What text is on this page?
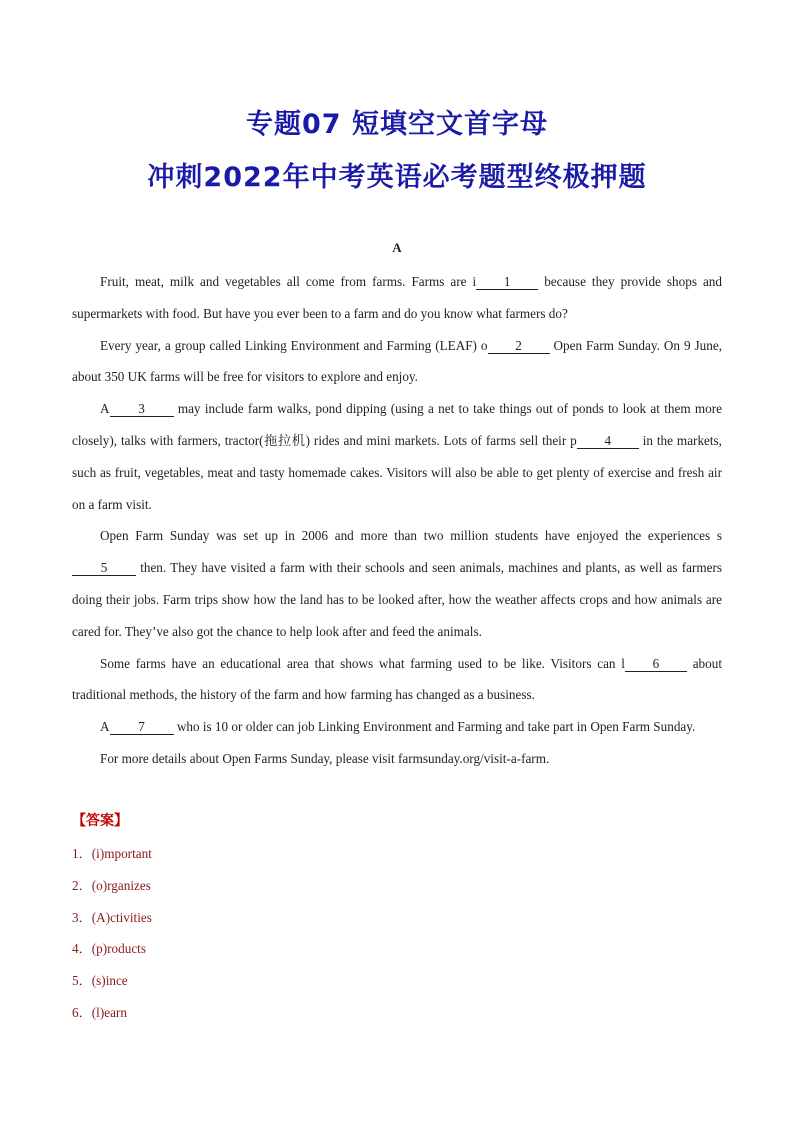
专题07 短填空文首字母
冲刺2022年中考英语必考题型终极押题
A

Fruit, meat, milk and vegetables all come from farms. Farms are i 1 because they provide shops and supermarkets with food. But have you ever been to a farm and do you know what farmers do?

Every year, a group called Linking Environment and Farming (LEAF) o 2 Open Farm Sunday. On 9 June, about 350 UK farms will be free for visitors to explore and enjoy.

A 3 may include farm walks, pond dipping (using a net to take things out of ponds to look at them more closely), talks with farmers, tractor(拖拉机) rides and mini markets. Lots of farms sell their p 4 in the markets, such as fruit, vegetables, meat and tasty homemade cakes. Visitors will also be able to get plenty of exercise and fresh air on a farm visit.

Open Farm Sunday was set up in 2006 and more than two million students have enjoyed the experiences s5 then. They have visited a farm with their schools and seen animals, machines and plants, as well as farmers doing their jobs. Farm trips show how the land has to be looked after, how the weather affects crops and how animals are cared for. They’ve also got the chance to help look after and feed the animals.

Some farms have an educational area that shows what farming used to be like. Visitors can l 6 about traditional methods, the history of the farm and how farming has changed as a business.

A 7 who is 10 or older can job Linking Environment and Farming and take part in Open Farm Sunday.

For more details about Open Farms Sunday, please visit farmsunday.org/visit-a-farm.

【答案】
1．(i)mportant
2．(o)rganizes
3．(A)ctivities
4．(p)roducts
5．(s)ince
6．(l)earn
